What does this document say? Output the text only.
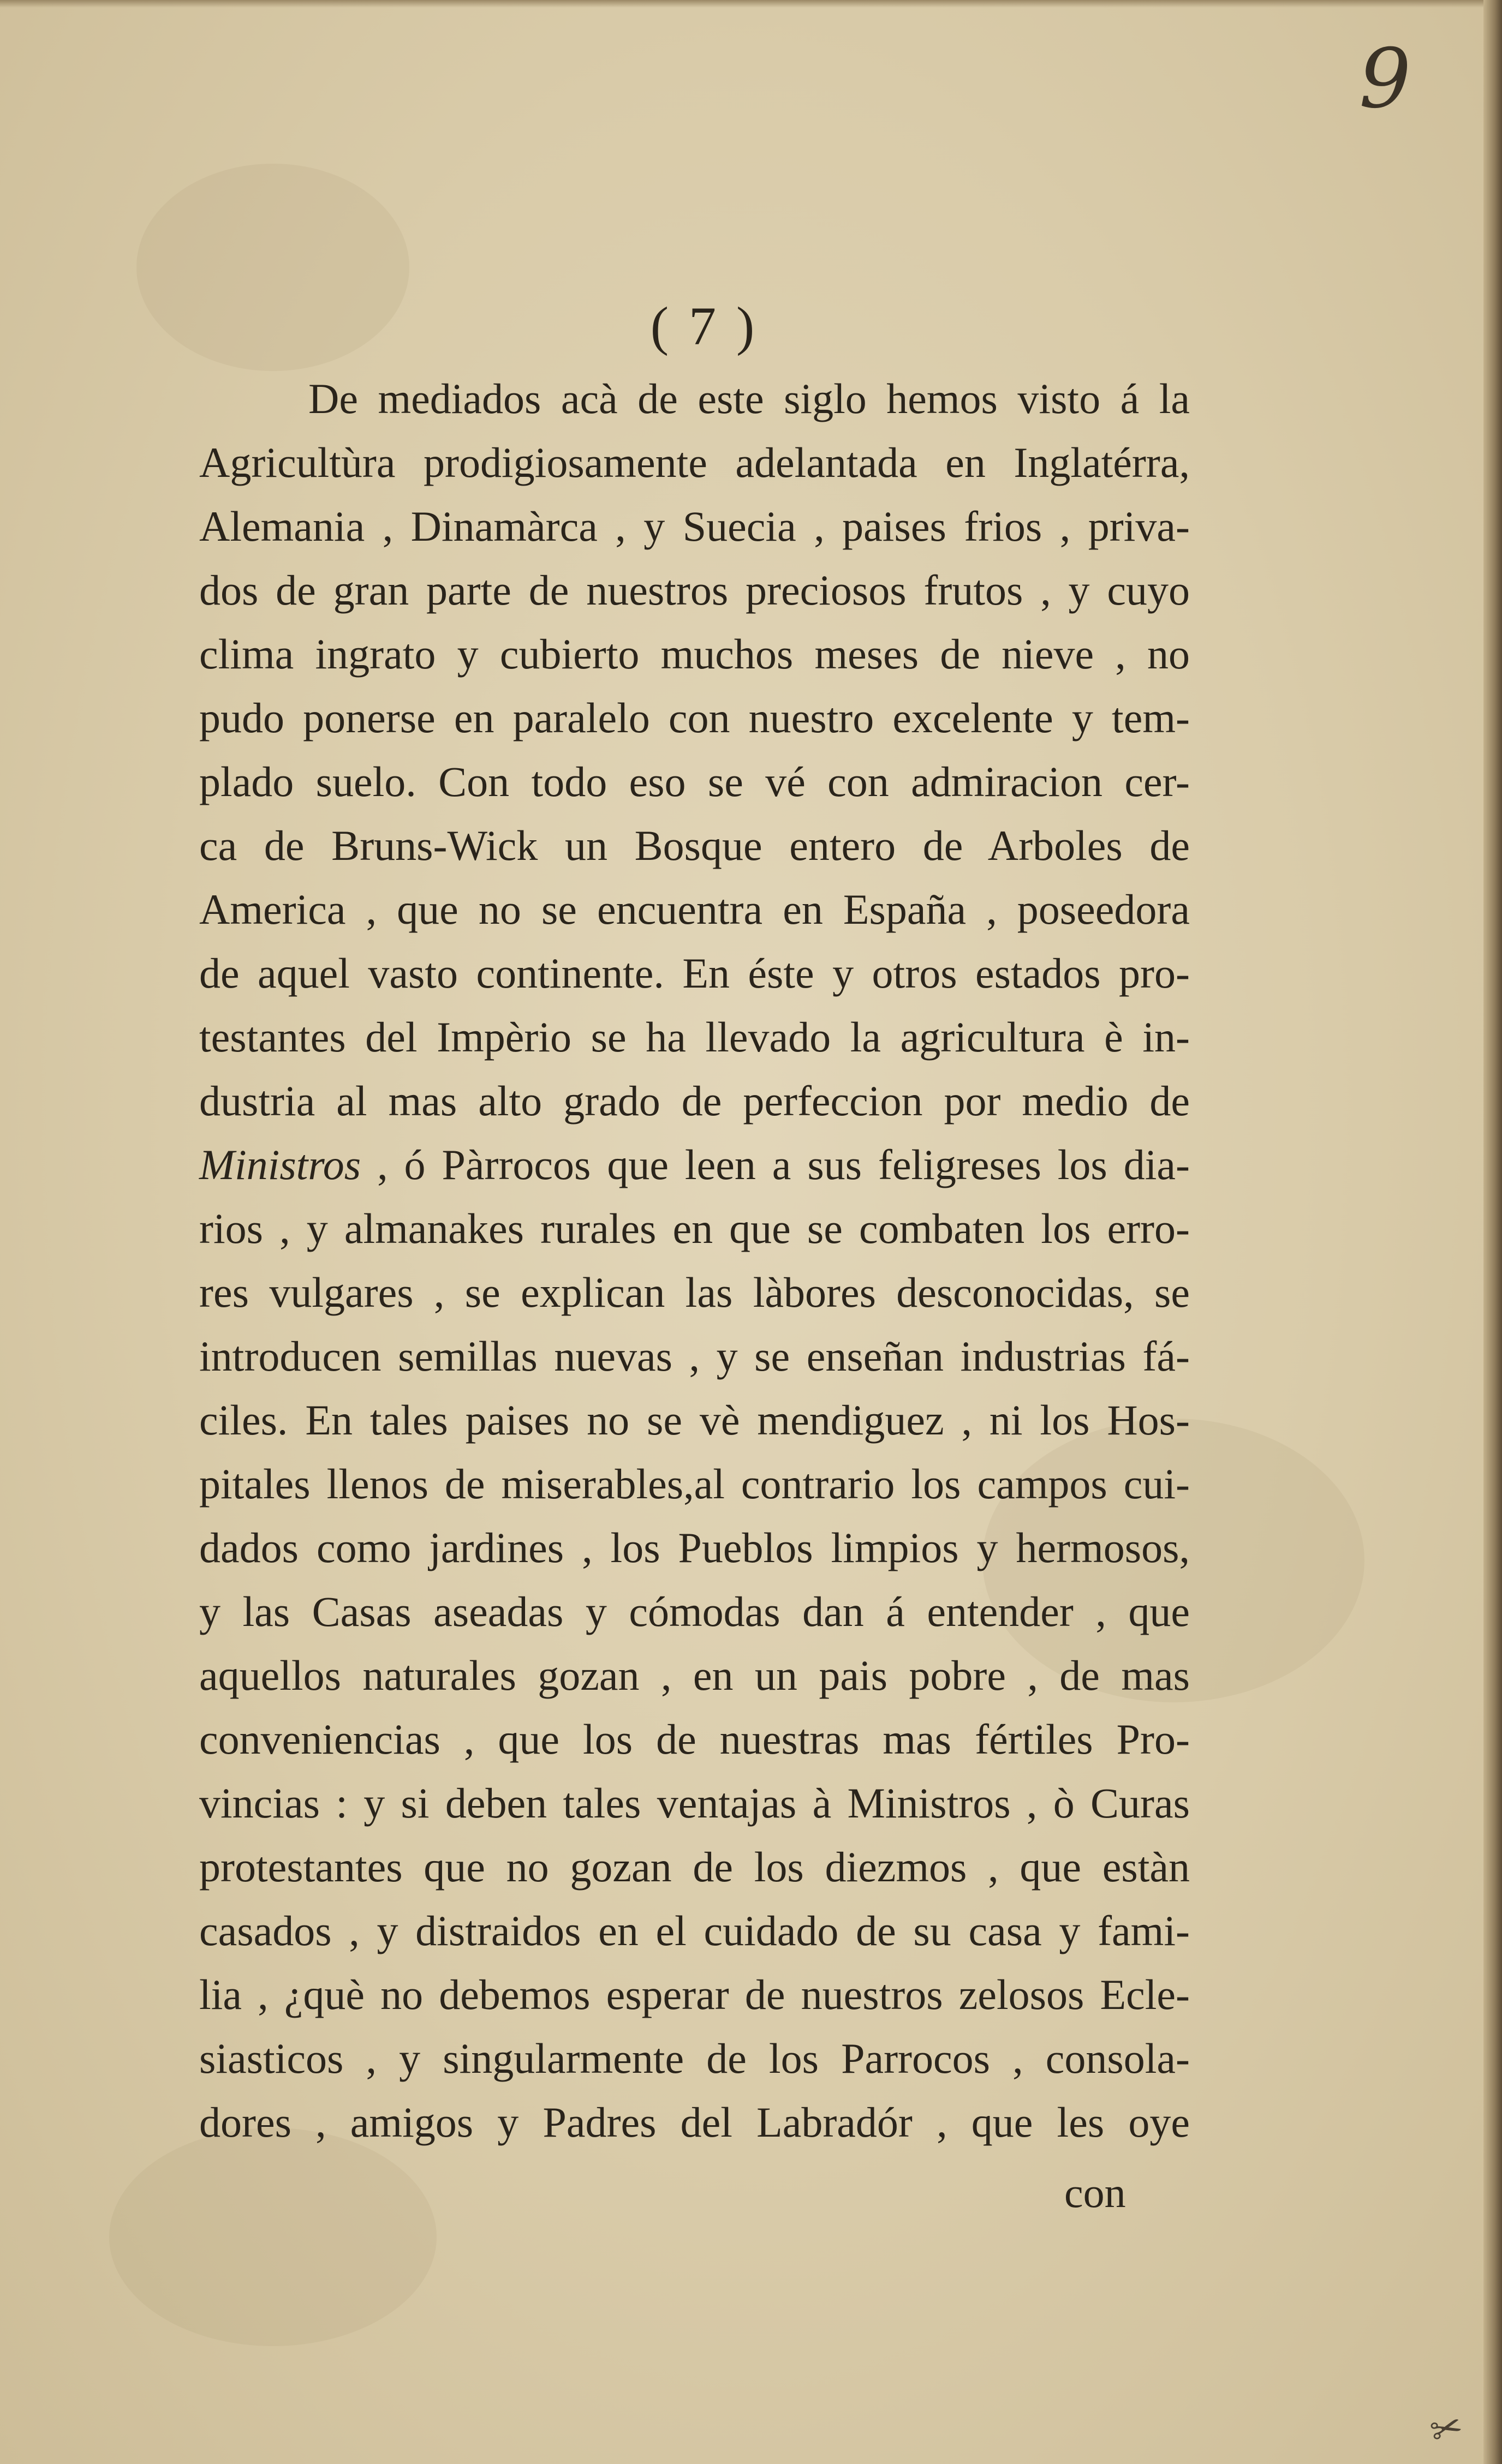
9
( 7 )
De mediados acà de este siglo hemos visto á la
Agricultùra prodigiosamente adelantada en Inglatérra,
Alemania , Dinamàrca , y Suecia , paises frios , priva-
dos de gran parte de nuestros preciosos frutos , y cuyo
clima ingrato y cubierto muchos meses de nieve , no
pudo ponerse en paralelo con nuestro excelente y tem-
plado suelo. Con todo eso se vé con admiracion cer-
ca de Bruns-Wick un Bosque entero de Arboles de
America , que no se encuentra en España , poseedora
de aquel vasto continente. En éste y otros estados pro-
testantes del Impèrio se ha llevado la agricultura è in-
dustria al mas alto grado de perfeccion por medio de
Ministros , ó Pàrrocos que leen a sus feligreses los dia-
rios , y almanakes rurales en que se combaten los erro-
res vulgares , se explican las làbores desconocidas, se
introducen semillas nuevas , y se enseñan industrias fá-
ciles. En tales paises no se vè mendiguez , ni los Hos-
pitales llenos de miserables,al contrario los campos cui-
dados como jardines , los Pueblos limpios y hermosos,
y las Casas aseadas y cómodas dan á entender , que
aquellos naturales gozan , en un pais pobre , de mas
conveniencias , que los de nuestras mas fértiles Pro-
vincias : y si deben tales ventajas à Ministros , ò Curas
protestantes que no gozan de los diezmos , que estàn
casados , y distraidos en el cuidado de su casa y fami-
lia , ¿què no debemos esperar de nuestros zelosos Ecle-
siasticos , y singularmente de los Parrocos , consola-
dores , amigos y Padres del Labradór , que les oye
con
✂
